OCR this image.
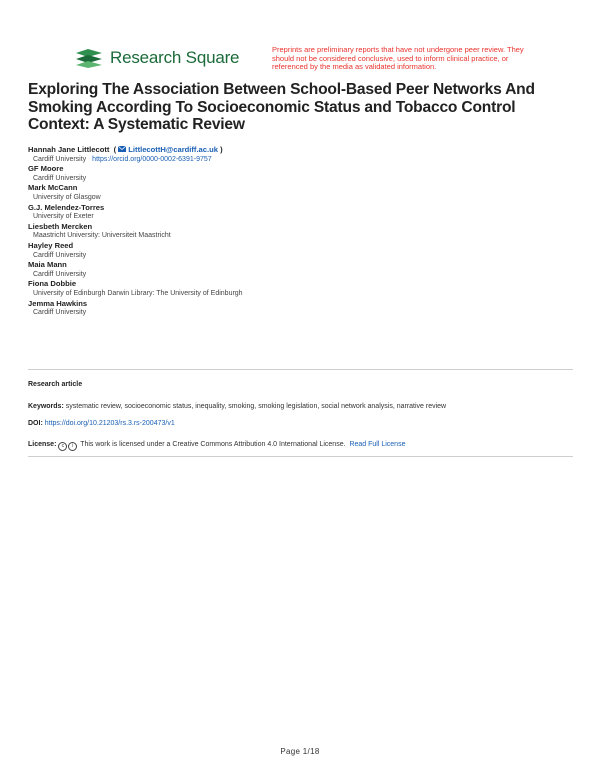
Research Square	Preprints are preliminary reports that have not undergone peer review. They should not be considered conclusive, used to inform clinical practice, or referenced by the media as validated information.
Exploring The Association Between School-Based Peer Networks And Smoking According To Socioeconomic Status and Tobacco Control Context: A Systematic Review
Hannah Jane Littlecott  ( LittlecottH@cardiff.ac.uk )
Cardiff University https://orcid.org/0000-0002-6391-9757
GF Moore
Cardiff University
Mark McCann
University of Glasgow
G.J. Melendez-Torres
University of Exeter
Liesbeth Mercken
Maastricht University: Universiteit Maastricht
Hayley Reed
Cardiff University
Maia Mann
Cardiff University
Fiona Dobbie
University of Edinburgh Darwin Library: The University of Edinburgh
Jemma Hawkins
Cardiff University
Research article
Keywords: systematic review, socioeconomic status, inequality, smoking, smoking legislation, social network analysis, narrative review
DOI: https://doi.org/10.21203/rs.3.rs-200473/v1
License: c i This work is licensed under a Creative Commons Attribution 4.0 International License. Read Full License
Page 1/18
